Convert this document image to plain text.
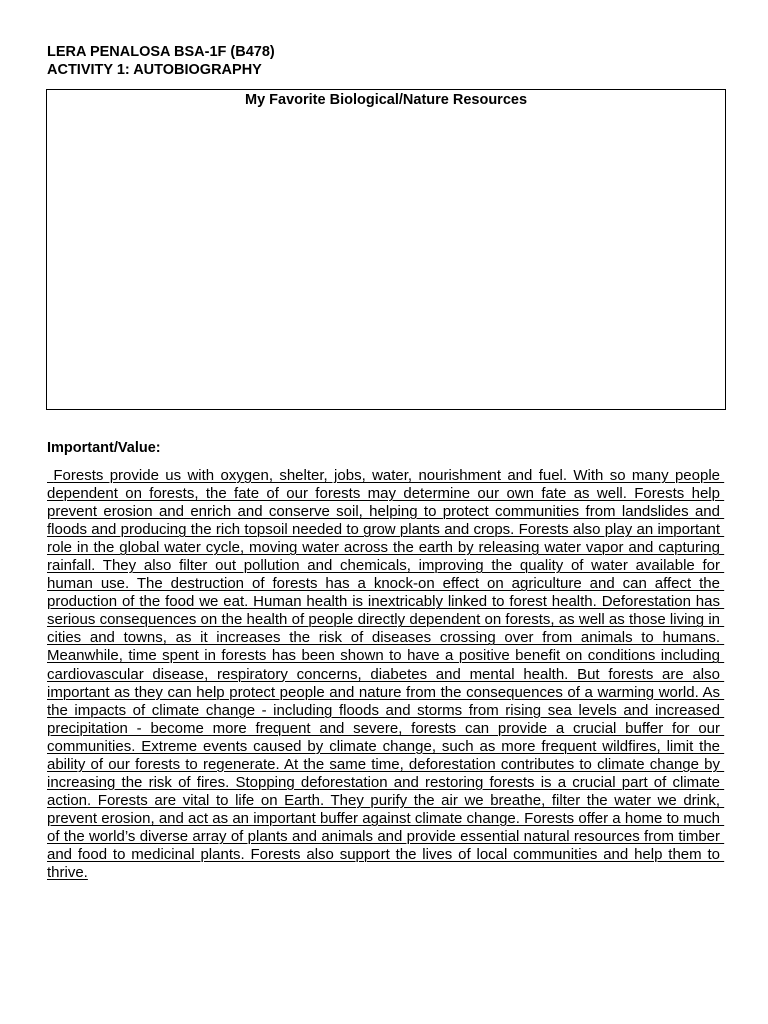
LERA PENALOSA BSA-1F (B478)
ACTIVITY 1: AUTOBIOGRAPHY
My Favorite Biological/Nature Resources
Important/Value:

Forests provide us with oxygen, shelter, jobs, water, nourishment and fuel. With so many people dependent on forests, the fate of our forests may determine our own fate as well. Forests help prevent erosion and enrich and conserve soil, helping to protect communities from landslides and floods and producing the rich topsoil needed to grow plants and crops. Forests also play an important role in the global water cycle, moving water across the earth by releasing water vapor and capturing rainfall. They also filter out pollution and chemicals, improving the quality of water available for human use. The destruction of forests has a knock-on effect on agriculture and can affect the production of the food we eat. Human health is inextricably linked to forest health. Deforestation has serious consequences on the health of people directly dependent on forests, as well as those living in cities and towns, as it increases the risk of diseases crossing over from animals to humans. Meanwhile, time spent in forests has been shown to have a positive benefit on conditions including cardiovascular disease, respiratory concerns, diabetes and mental health. But forests are also important as they can help protect people and nature from the consequences of a warming world. As the impacts of climate change - including floods and storms from rising sea levels and increased precipitation - become more frequent and severe, forests can provide a crucial buffer for our communities. Extreme events caused by climate change, such as more frequent wildfires, limit the ability of our forests to regenerate. At the same time, deforestation contributes to climate change by increasing the risk of fires. Stopping deforestation and restoring forests is a crucial part of climate action. Forests are vital to life on Earth. They purify the air we breathe, filter the water we drink, prevent erosion, and act as an important buffer against climate change. Forests offer a home to much of the world’s diverse array of plants and animals and provide essential natural resources from timber and food to medicinal plants. Forests also support the lives of local communities and help them to thrive.
